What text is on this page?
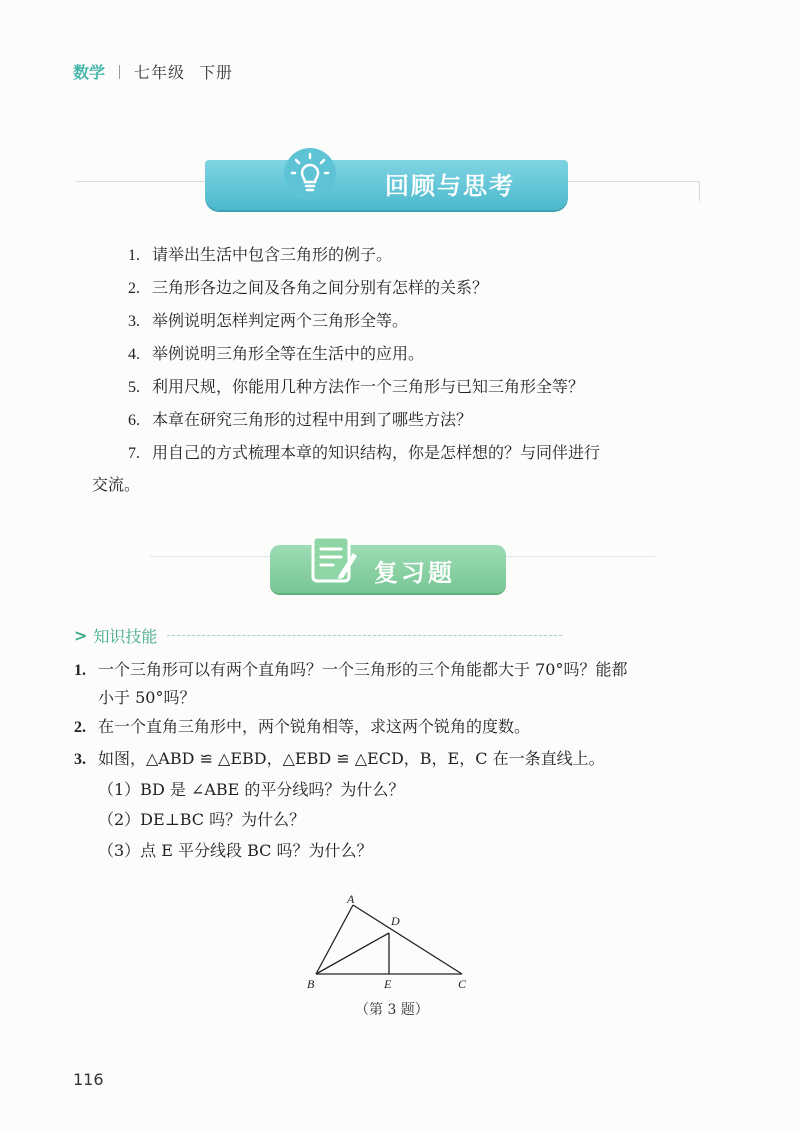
数学 七年级 下册
回顾与思考
1. 请举出生活中包含三角形的例子。
2. 三角形各边之间及各角之间分别有怎样的关系？
3. 举例说明怎样判定两个三角形全等。
4. 举例说明三角形全等在生活中的应用。
5. 利用尺规，你能用几种方法作一个三角形与已知三角形全等？
6. 本章在研究三角形的过程中用到了哪些方法？
7. 用自己的方式梳理本章的知识结构，你是怎样想的？与同伴进行
交流。
复习题
> 知识技能
1. 一个三角形可以有两个直角吗？一个三角形的三个角能都大于 70°吗？能都
小于 50°吗？
2. 在一个直角三角形中，两个锐角相等，求这两个锐角的度数。
3. 如图，△ABD ≌ △EBD，△EBD ≌ △ECD，B，E，C 在一条直线上。
（1）BD 是 ∠ABE 的平分线吗？为什么？
（2）DE⊥BC 吗？为什么？
（3）点 E 平分线段 BC 吗？为什么？
A
D
B	E	C
（第 3 题）
116
